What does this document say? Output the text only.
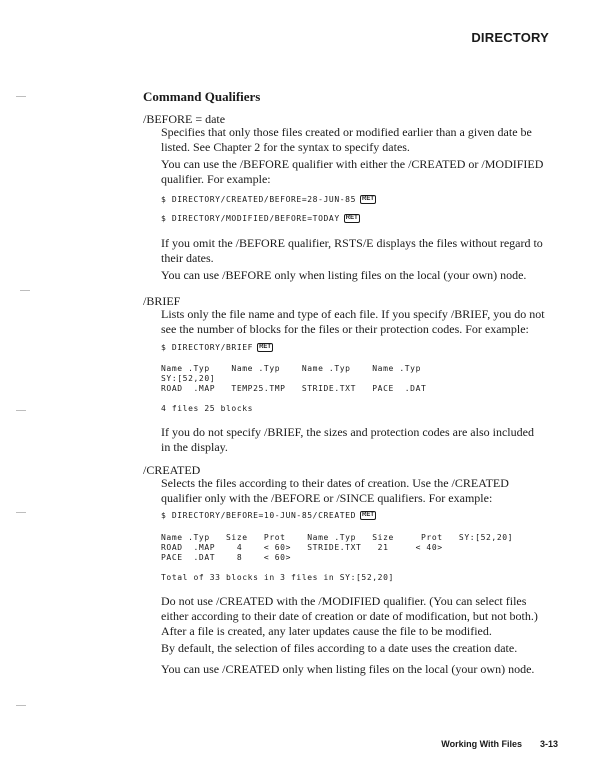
DIRECTORY
Command Qualifiers
/BEFORE = date

Specifies that only those files created or modified earlier than a given date be listed. See Chapter 2 for the syntax to specify dates.

You can use the /BEFORE qualifier with either the /CREATED or /MODIFIED qualifier. For example:

$ DIRECTORY/CREATED/BEFORE=28-JUN-85 RET
$ DIRECTORY/MODIFIED/BEFORE=TODAY RET

If you omit the /BEFORE qualifier, RSTS/E displays the files without regard to their dates.

You can use /BEFORE only when listing files on the local (your own) node.

/BRIEF

Lists only the file name and type of each file. If you specify /BRIEF, you do not see the number of blocks for the files or their protection codes. For example:

$ DIRECTORY/BRIEF RET
Name .Typ    Name .Typ    Name .Typ    Name .Typ
SY:[52,20]
ROAD  .MAP   TEMP25.TMP   STRIDE.TXT   PACE  .DAT
4 files 25 blocks

If you do not specify /BRIEF, the sizes and protection codes are also included in the display.

/CREATED

Selects the files according to their dates of creation. Use the /CREATED qualifier only with the /BEFORE or /SINCE qualifiers. For example:

$ DIRECTORY/BEFORE=10-JUN-85/CREATED RET
Name .Typ   Size   Prot    Name .Typ   Size     Prot   SY:[52,20]
ROAD  .MAP    4    < 60>   STRIDE.TXT   21     < 40>
PACE  .DAT    8    < 60>
Total of 33 blocks in 3 files in SY:[52,20]

Do not use /CREATED with the /MODIFIED qualifier. (You can select files either according to their date of creation or date of modification, but not both.) After a file is created, any later updates cause the file to be modified.

By default, the selection of files according to a date uses the creation date.

You can use /CREATED only when listing files on the local (your own) node.

Working With Files 3-13
